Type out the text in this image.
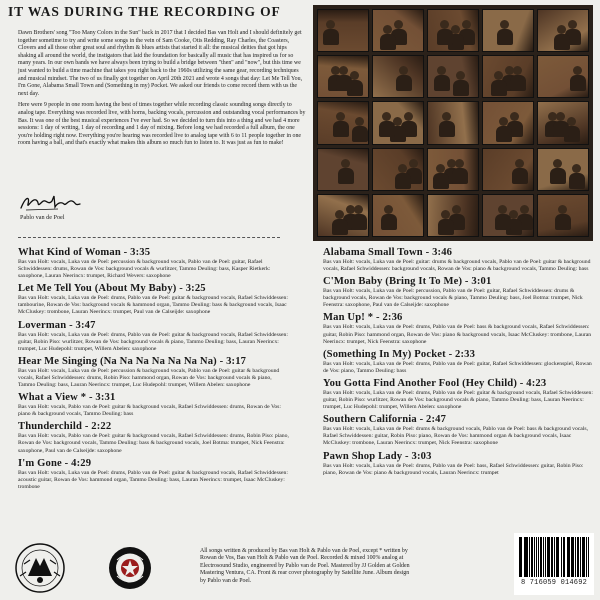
IT WAS DURING THE RECORDING OF

Dawn Brothers' song "Too Many Colors in the Sun" back in 2017 that I decided Bas van Holt and I should definitely get together sometime to try and write some songs in the vein of Sam Cooke, Otis Redding, Ray Charles, the Coasters, Clovers and all those other great soul and rhythm & blues artists that started it all: the musical deities that got hips shaking all around the world, the instigators that laid the foundation for basically all music that has inspired us for so many years. In our own bands we have always been trying to build a bridge between "then" and "now", but this time we just wanted to build a time machine that takes you right back to the 1960s utilizing the same gear, recording techniques and musical mindset. The two of us finally got together on April 20th 2021 and wrote 4 songs that day: Let Me Tell You, I'm Gone, Alabama Small Town and (Something in my) Pocket. We asked our friends to come record them with us the next day.

Here were 9 people in one room having the best of times together while recording classic sounding songs directly to analog tape. Everything was recorded live, with horns, backing vocals, percussion and outstanding vocal performances by Bas. It was one of the best musical experiences I've ever had. So we decided to turn this into a thing and we had 4 more sessions: 1 day of writing, 1 day of recording and 1 day of mixing. Before long we had recorded a full album, the one you're holding right now. Everything you're hearing was recorded live to analog tape with 6 to 11 people together in one room having a ball, and that's exactly what makes this album so much fun to listen to. It was just as fun to make!

Pablo van de Poel
What Kind of Woman - 3:35
Bas van Holt: vocals, Luka van de Poel: percussion & background vocals, Pablo van de Poel: guitar, Rafael Schwiddessen: drums, Rowan de Vos: background vocals & wurlitzer, Tammo Deuling: bass, Kasper Rietkerk: saxophone, Lauran Neerincx: trumpet, Richard Wevers: saxophone
Let Me Tell You (About My Baby) - 3:25
Bas van Holt: vocals, Luka van de Poel: drums, Pablo van de Poel: guitar & background vocals, Rafael Schwiddessen: tambourine, Rowan de Vos: background vocals & hammond organ, Tammo Deuling: bass & background vocals, Isaac McCluskey: trombone, Lauran Neerincx: trumpet, Paul van de Calseijde: saxophone
Loverman - 3:47
Bas van Holt: vocals, Luka van de Poel: drums, Pablo van de Poel: guitar & background vocals, Rafael Schwiddessen: guitar, Robin Piso: wurlitzer, Rowan de Vos: background vocals & piano, Tammo Deuling: bass, Lauran Neerincx: trumpet, Luc Hudepohl: trumpet, Willem Abelen: saxophone
Hear Me Singing (Na Na Na Na Na Na Na) - 3:17
Bas van Holt: vocals, Luka van de Poel: percussion & background vocals, Pablo van de Poel: guitar & background vocals, Rafael Schwiddessen: drums, Robin Piso: hammond organ, Rowan de Vos: background vocals & piano, Tammo Deuling: bass, Lauran Neerincx: trumpet, Luc Hudepohl: trumpet, Willem Abelen: saxophone
What a View * - 3:31
Bas van Holt: vocals, Pablo van de Poel: guitar & background vocals, Rafael Schwiddessen: drums, Rowan de Vos: piano & background vocals, Tammo Deuling: bass
Thunderchild - 2:22
Bas van Holt: vocals, Pablo van de Poel: guitar & background vocals, Rafael Schwiddessen: drums, Robin Piso: piano, Rowan de Vos: background vocals, Tammo Deuling: bass & background vocals, Joel Botma: trumpet, Nick Feenstra: saxophone, Paul van de Calseijde: saxophone
I'm Gone - 4:29
Bas van Holt: vocals, Luka van de Poel: drums, Pablo van de Poel: guitar & background vocals, Rafael Schwiddessen: acoustic guitar, Rowan de Vos: hammond organ, Tammo Deuling: bass, Lauran Neerincx: trumpet, Isaac McCluskey: trombone
Alabama Small Town - 3:46
Bas van Holt: vocals, Luka van de Poel: guitar: drums & background vocals, Pablo van de Poel: guitar & background vocals, Rafael Schwiddessen: background vocals, Rowan de Vos: piano & background vocals, Tammo Deuling: bass
C'Mon Baby (Bring It To Me) - 3:01
Bas van Holt: vocals, Luka van de Poel: percussion, Pablo van de Poel: guitar, Rafael Schwiddessen: drums & background vocals, Rowan de Vos: background vocals & piano, Tammo Deuling: bass, Joel Botma: trumpet, Nick Feenstra: saxophone, Paul van de Calseijde: saxophone
Man Up! * - 2:36
Bas van Holt: vocals, Luka van de Poel: drums, Pablo van de Poel: bass & background vocals, Rafael Schwiddessen: guitar, Robin Piso: hammond organ, Rowan de Vos: piano & background vocals, Isaac McCluskey: trombone, Lauran Neerincx: trumpet, Nick Feenstra: saxophone
(Something In My) Pocket - 2:33
Bas van Holt: vocals, Luka van de Poel: drums, Pablo van de Poel: guitar, Rafael Schwiddessen: glockenspiel, Rowan de Vos: piano, Tammo Deuling: bass
You Gotta Find Another Fool (Hey Child) - 4:23
Bas van Holt: vocals, Luka van de Poel: drums, Pablo van de Poel: guitar & background vocals, Rafael Schwiddessen: guitar, Robin Piso: wurlitzer, Rowan de Vos: background vocals & piano, Tammo Deuling: bass, Lauran Neerincx: trumpet, Luc Hudepohl: trumpet, Willem Abelen: saxophone
Southern California - 2:47
Bas van Holt: vocals, Luka van de Poel: drums & background vocals, Pablo van de Poel: bass & background vocals, Rafael Schwiddessen: guitar, Robin Piso: piano, Rowan de Vos: hammond organ & background vocals, Isaac McCluskey: trombone, Lauran Neerincx: trumpet, Nick Feenstra: saxophone
Pawn Shop Lady - 3:03
Bas van Holt: vocals, Luka van de Poel: drums, Pablo van de Poel: bass, Rafael Schwiddessen: guitar, Robin Piso: piano, Rowan de Vos: piano & background vocals, Lauran Neerincx: trumpet
All songs written & produced by Bas van Holt & Pablo van de Poel, except * written by Rowan de Vos, Bas van Holt & Pablo van de Poel. Recorded & mixed 100% analog at Electrosound Studio, engineered by Pablo van de Poel. Mastered by JJ Golden at Golden Mastering Ventura, CA. Front & rear cover photography by Satellite June. Album design by Pablo van de Poel.	8 716059 014692
